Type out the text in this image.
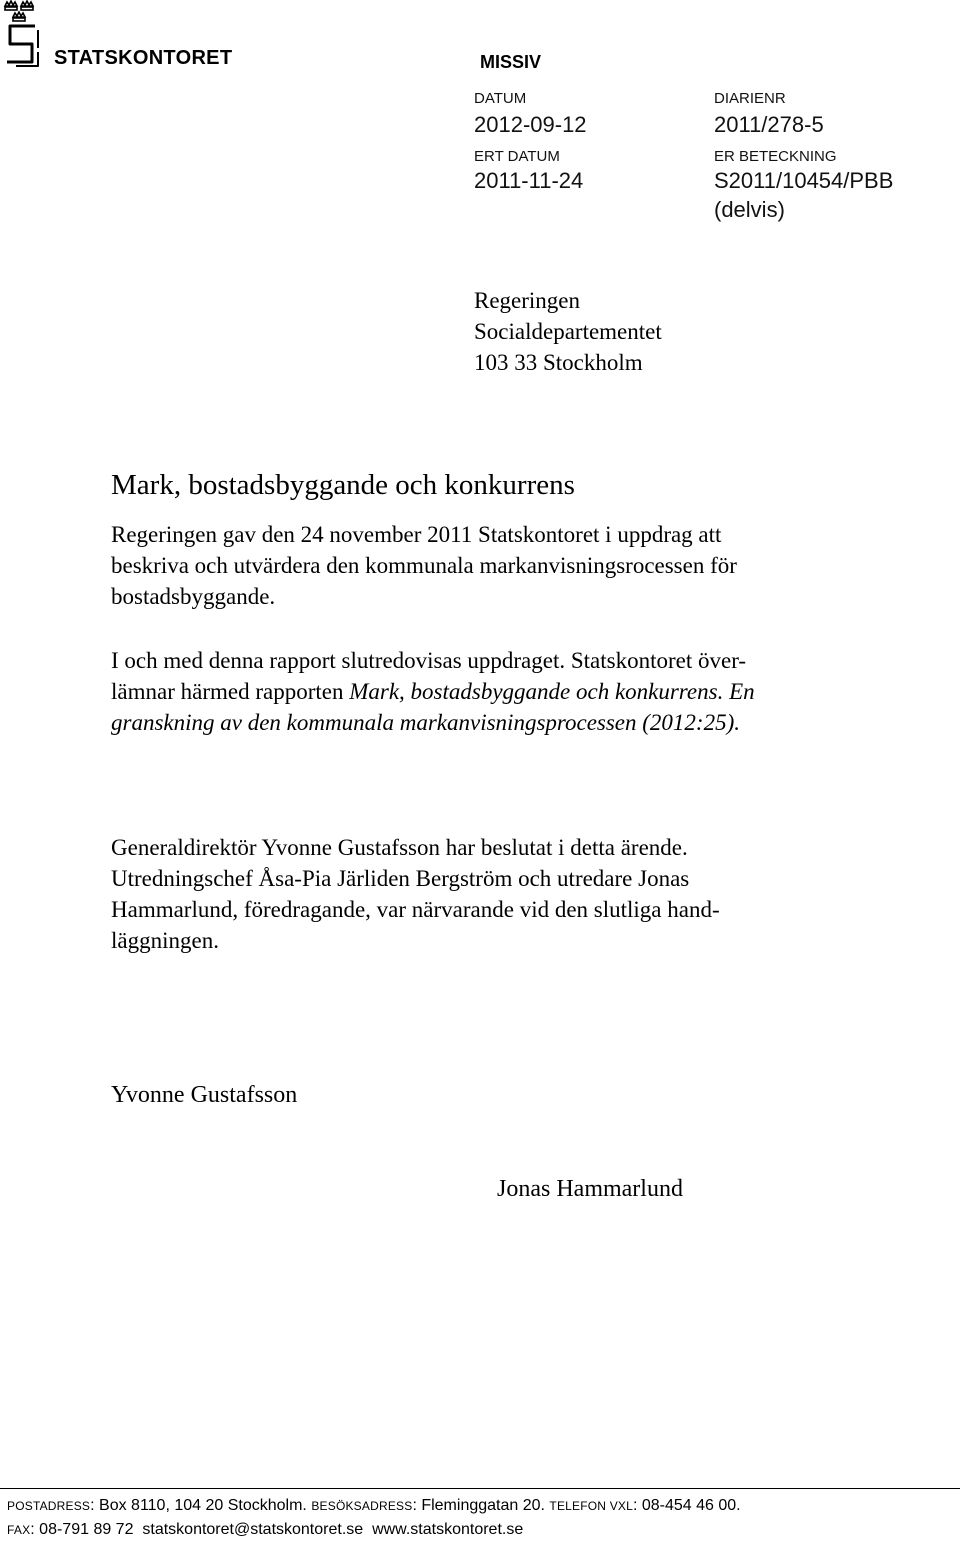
STATSKONTORET	MISSIV
DATUM
2012-09-12
DIARIENR
2011/278-5
ERT DATUM
2011-11-24
ER BETECKNING
S2011/10454/PBB
(delvis)
Regeringen
Socialdepartementet
103 33 Stockholm
Mark, bostadsbyggande och konkurrens
Regeringen gav den 24 november 2011 Statskontoret i uppdrag att
beskriva och utvärdera den kommunala markanvisningsrocessen för
bostadsbyggande.
I och med denna rapport slutredovisas uppdraget. Statskontoret över-
lämnar härmed rapporten Mark, bostadsbyggande och konkurrens. En
granskning av den kommunala markanvisningsprocessen (2012:25).
Generaldirektör Yvonne Gustafsson har beslutat i detta ärende.
Utredningschef Åsa-Pia Järliden Bergström och utredare Jonas
Hammarlund, föredragande, var närvarande vid den slutliga hand-
läggningen.
Yvonne Gustafsson
Jonas Hammarlund
POSTADRESS: Box 8110, 104 20 Stockholm. BESÖKSADRESS: Fleminggatan 20. TELEFON VXL: 08-454 46 00.
FAX: 08-791 89 72 statskontoret@statskontoret.se www.statskontoret.se
